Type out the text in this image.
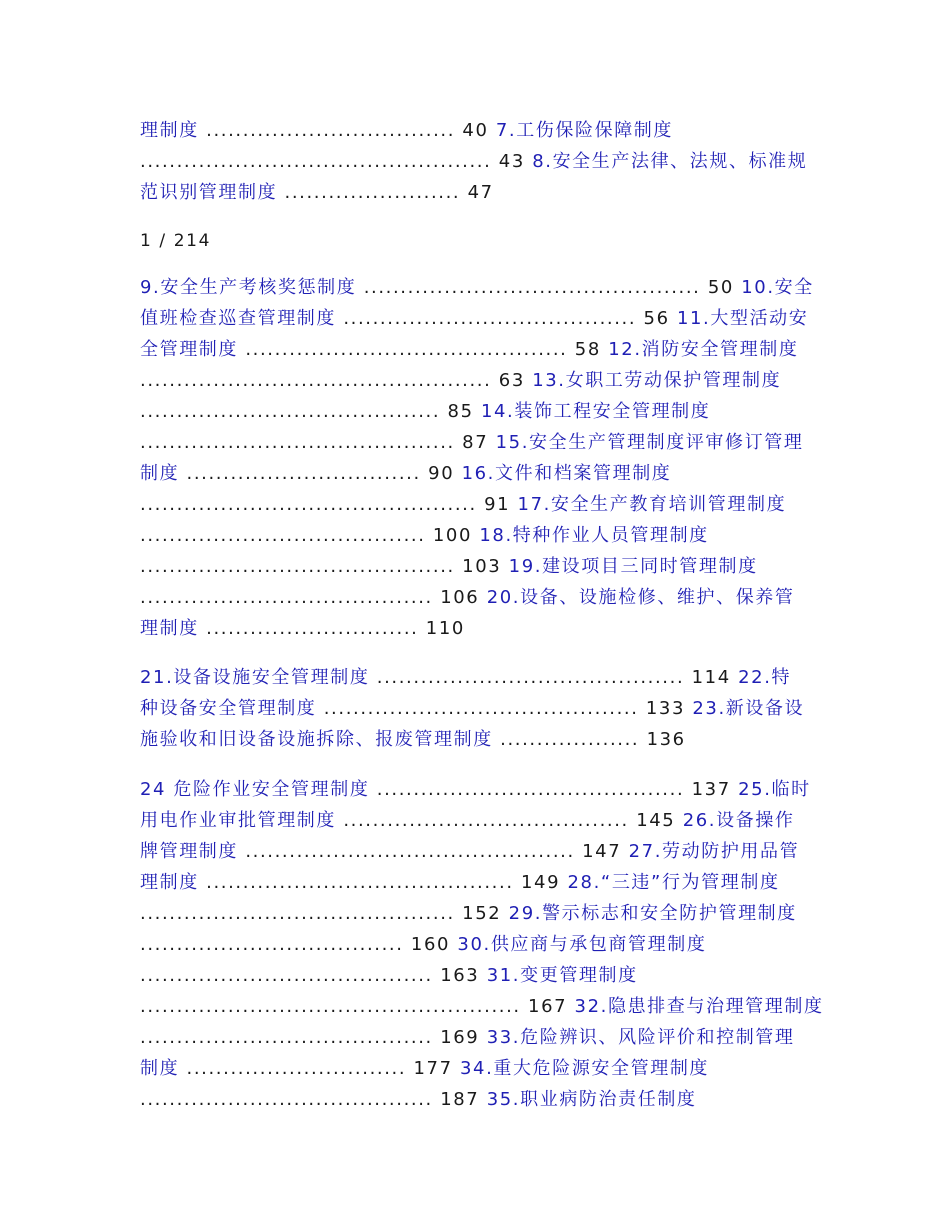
1 / 214
理制度 .................................. 40 7.工伤保险保障制度
................................................ 43 8.安全生产法律、法规、标准规
范识别管理制度 ........................ 47
9.安全生产考核奖惩制度 .............................................. 50 10.安全
值班检查巡查管理制度 ........................................ 56 11.大型活动安
全管理制度 ............................................ 58 12.消防安全管理制度
................................................ 63 13.女职工劳动保护管理制度
......................................... 85 14.装饰工程安全管理制度
........................................... 87 15.安全生产管理制度评审修订管理
制度 ................................ 90 16.文件和档案管理制度
.............................................. 91 17.安全生产教育培训管理制度
....................................... 100 18.特种作业人员管理制度
........................................... 103 19.建设项目三同时管理制度
........................................ 106 20.设备、设施检修、维护、保养管
理制度 ............................. 110
21.设备设施安全管理制度 .......................................... 114 22.特
种设备安全管理制度 ........................................... 133 23.新设备设
施验收和旧设备设施拆除、报废管理制度 ................... 136
24 危险作业安全管理制度 .......................................... 137 25.临时
用电作业审批管理制度 ....................................... 145 26.设备操作
牌管理制度 ............................................. 147 27.劳动防护用品管
理制度 .......................................... 149 28.“三违”行为管理制度
........................................... 152 29.警示标志和安全防护管理制度
.................................... 160 30.供应商与承包商管理制度
........................................ 163 31.变更管理制度
.................................................... 167 32.隐患排查与治理管理制度
........................................ 169 33.危险辨识、风险评价和控制管理
制度 .............................. 177 34.重大危险源安全管理制度
........................................ 187 35.职业病防治责任制度
